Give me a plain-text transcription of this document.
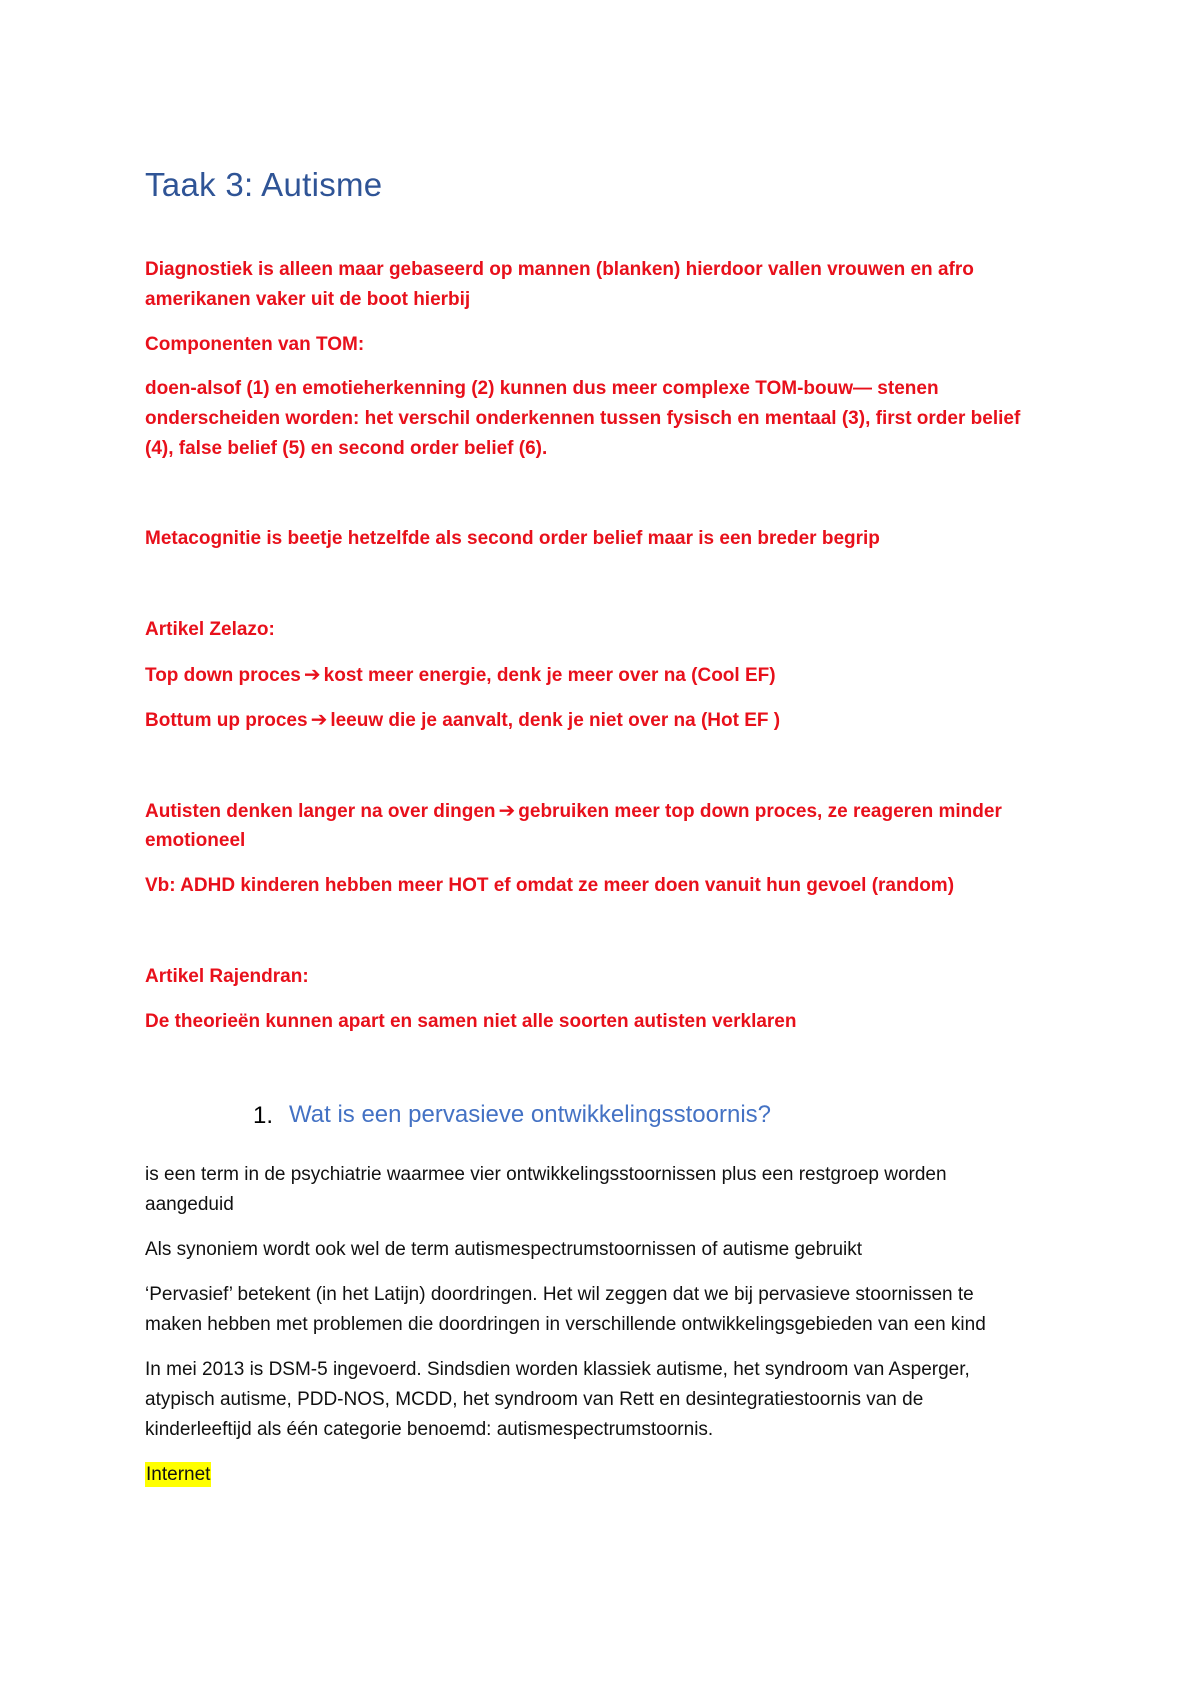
Taak 3: Autisme
Diagnostiek is alleen maar gebaseerd op mannen (blanken) hierdoor vallen vrouwen en afro
amerikanen vaker uit de boot hierbij
Componenten van TOM:
doen-alsof (1) en emotieherkenning (2) kunnen dus meer complexe TOM-bouw— stenen
onderscheiden worden: het verschil onderkennen tussen fysisch en mentaal (3), first order belief
(4), false belief (5) en second order belief (6).
Metacognitie is beetje hetzelfde als second order belief maar is een breder begrip
Artikel Zelazo:
Top down proces ➔ kost meer energie, denk je meer over na (Cool EF)
Bottum up proces ➔ leeuw die je aanvalt, denk je niet over na (Hot EF )
Autisten denken langer na over dingen ➔ gebruiken meer top down proces, ze reageren minder
emotioneel
Vb: ADHD kinderen hebben meer HOT ef omdat ze meer doen vanuit hun gevoel (random)
Artikel Rajendran:
De theorieën kunnen apart en samen niet alle soorten autisten verklaren
1. Wat is een pervasieve ontwikkelingsstoornis?
is een term in de psychiatrie waarmee vier ontwikkelingsstoornissen plus een restgroep worden
aangeduid
Als synoniem wordt ook wel de term autismespectrumstoornissen of autisme gebruikt
‘Pervasief’ betekent (in het Latijn) doordringen. Het wil zeggen dat we bij pervasieve stoornissen te
maken hebben met problemen die doordringen in verschillende ontwikkelingsgebieden van een kind
In mei 2013 is DSM-5 ingevoerd. Sindsdien worden klassiek autisme, het syndroom van Asperger,
atypisch autisme, PDD-NOS, MCDD, het syndroom van Rett en desintegratiestoornis van de
kinderleeftijd als één categorie benoemd: autismespectrumstoornis.
Internet
